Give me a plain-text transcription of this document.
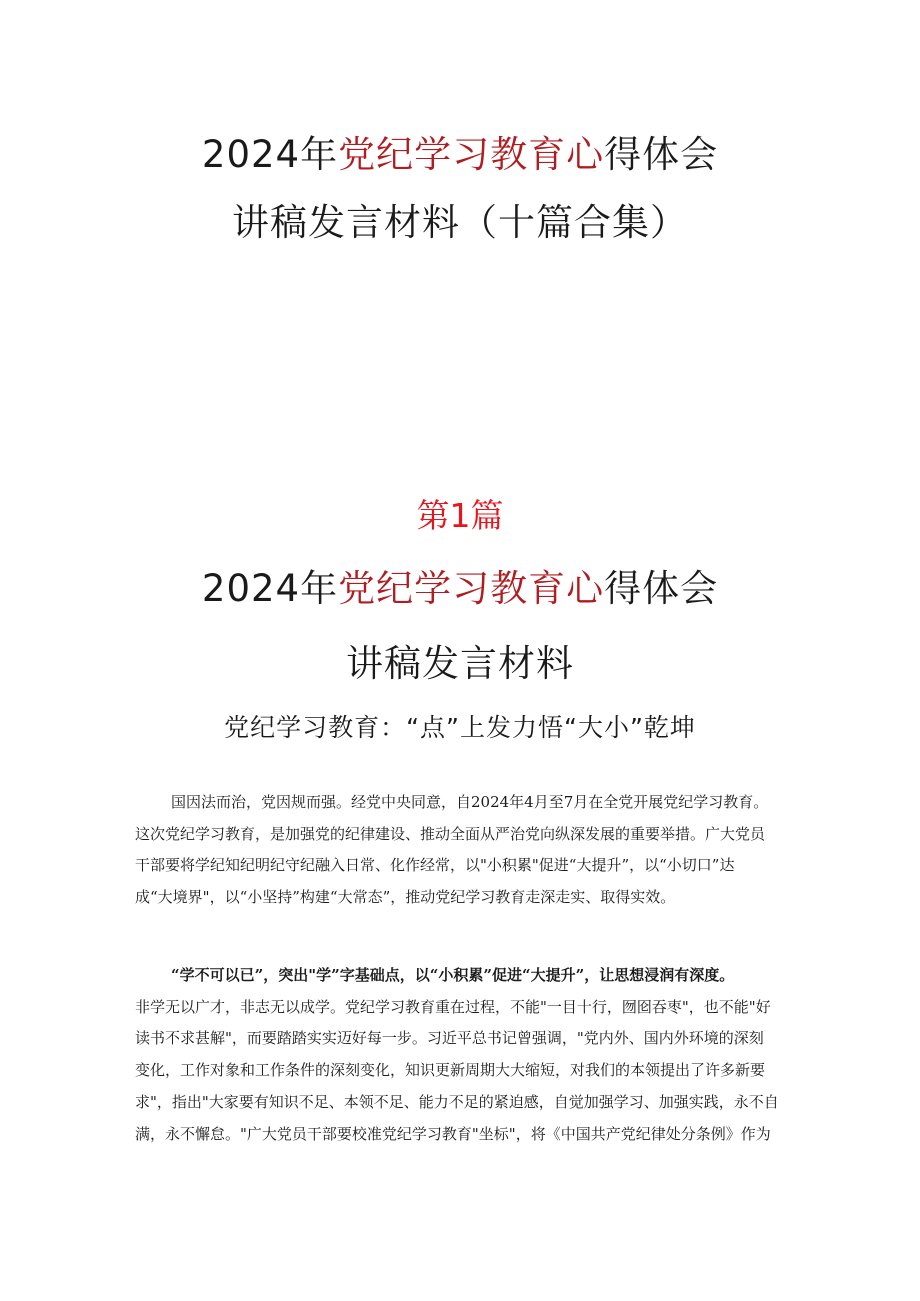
2024年党纪学习教育心得体会
讲稿发言材料（十篇合集）
第1篇
2024年党纪学习教育心得体会
讲稿发言材料
党纪学习教育：“点”上发力悟“大小”乾坤
国因法而治，党因规而强。经党中央同意，自2024年4月至7月在全党开展党纪学习教育。
这次党纪学习教育，是加强党的纪律建设、推动全面从严治党向纵深发展的重要举措。广大党员
干部要将学纪知纪明纪守纪融入日常、化作经常，以"小积累"促进“大提升”，以“小切口”达
成“大境界"，以“小坚持”构建“大常态”，推动党纪学习教育走深走实、取得实效。
“学不可以已”，突出"学”字基础点，以“小积累”促进“大提升”，让思想浸润有深度。
非学无以广才，非志无以成学。党纪学习教育重在过程，不能"一目十行，囫囵吞枣"，也不能"好
读书不求甚解"，而要踏踏实实迈好每一步。习近平总书记曾强调，"党内外、国内外环境的深刻
变化，工作对象和工作条件的深刻变化，知识更新周期大大缩短，对我们的本领提出了许多新要
求"，指出"大家要有知识不足、本领不足、能力不足的紧迫感，自觉加强学习、加强实践，永不自
满，永不懈怠。"广大党员干部要校准党纪学习教育"坐标"，将《中国共产党纪律处分条例》作为
